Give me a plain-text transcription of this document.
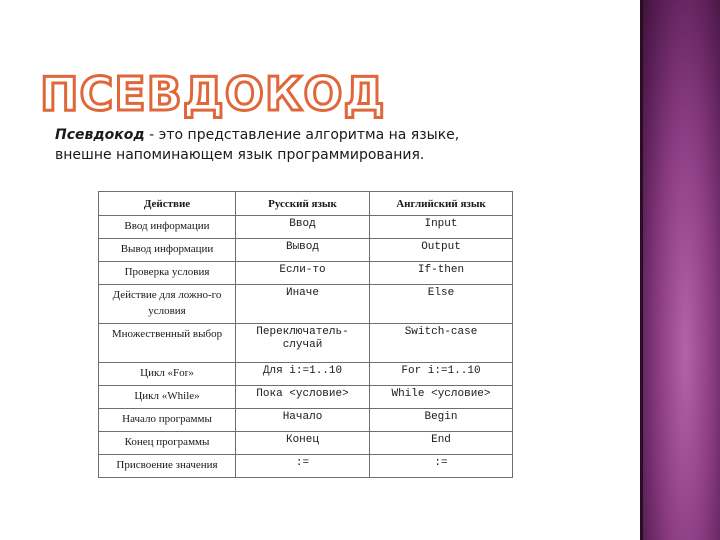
ПСЕВДОКОД
Псевдокод - это представление алгоритма на языке,
внешне напоминающем язык программирования.
Действие	Русский язык	Английский язык
Ввод информации	Ввод	Input
Вывод информации	Вывод	Output
Проверка условия	Если-то	If-then
Действие для ложно-го условия	Иначе	Else
Множественный выбор	Переключатель-случай	Switch-case
Цикл «For»	Для i:=1..10	For i:=1..10
Цикл «While»	Пока <условие>	While <условие>
Начало программы	Начало	Begin
Конец программы	Конец	End
Присвоение значения	:=	:=
